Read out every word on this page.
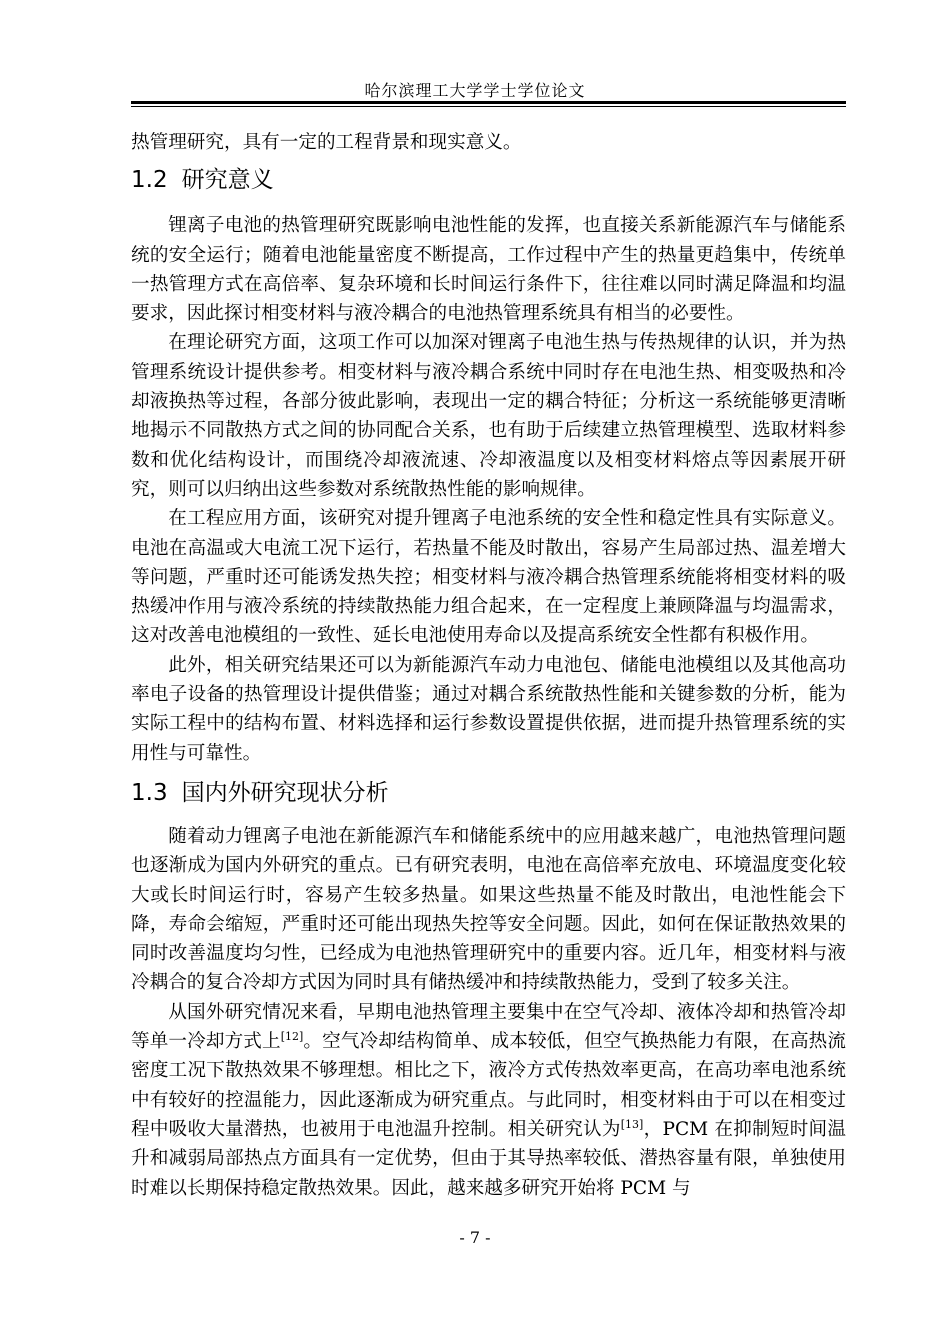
哈尔滨理工大学学士学位论文

热管理研究，具有一定的工程背景和现实意义。

1.2 研究意义

锂离子电池的热管理研究既影响电池性能的发挥，也直接关系新能源汽车与储能系统的安全运行；随着电池能量密度不断提高，工作过程中产生的热量更趋集中，传统单一热管理方式在高倍率、复杂环境和长时间运行条件下，往往难以同时满足降温和均温要求，因此探讨相变材料与液冷耦合的电池热管理系统具有相当的必要性。

在理论研究方面，这项工作可以加深对锂离子电池生热与传热规律的认识，并为热管理系统设计提供参考。相变材料与液冷耦合系统中同时存在电池生热、相变吸热和冷却液换热等过程，各部分彼此影响，表现出一定的耦合特征；分析这一系统能够更清晰地揭示不同散热方式之间的协同配合关系，也有助于后续建立热管理模型、选取材料参数和优化结构设计，而围绕冷却液流速、冷却液温度以及相变材料熔点等因素展开研究，则可以归纳出这些参数对系统散热性能的影响规律。

在工程应用方面，该研究对提升锂离子电池系统的安全性和稳定性具有实际意义。电池在高温或大电流工况下运行，若热量不能及时散出，容易产生局部过热、温差增大等问题，严重时还可能诱发热失控；相变材料与液冷耦合热管理系统能将相变材料的吸热缓冲作用与液冷系统的持续散热能力组合起来，在一定程度上兼顾降温与均温需求，这对改善电池模组的一致性、延长电池使用寿命以及提高系统安全性都有积极作用。

此外，相关研究结果还可以为新能源汽车动力电池包、储能电池模组以及其他高功率电子设备的热管理设计提供借鉴；通过对耦合系统散热性能和关键参数的分析，能为实际工程中的结构布置、材料选择和运行参数设置提供依据，进而提升热管理系统的实用性与可靠性。

1.3 国内外研究现状分析

随着动力锂离子电池在新能源汽车和储能系统中的应用越来越广，电池热管理问题也逐渐成为国内外研究的重点。已有研究表明，电池在高倍率充放电、环境温度变化较大或长时间运行时，容易产生较多热量。如果这些热量不能及时散出，电池性能会下降，寿命会缩短，严重时还可能出现热失控等安全问题。因此，如何在保证散热效果的同时改善温度均匀性，已经成为电池热管理研究中的重要内容。近几年，相变材料与液冷耦合的复合冷却方式因为同时具有储热缓冲和持续散热能力，受到了较多关注。

从国外研究情况来看，早期电池热管理主要集中在空气冷却、液体冷却和热管冷却等单一冷却方式上[12]。空气冷却结构简单、成本较低，但空气换热能力有限，在高热流密度工况下散热效果不够理想。相比之下，液冷方式传热效率更高，在高功率电池系统中有较好的控温能力，因此逐渐成为研究重点。与此同时，相变材料由于可以在相变过程中吸收大量潜热，也被用于电池温升控制。相关研究认为[13]，PCM 在抑制短时间温升和减弱局部热点方面具有一定优势，但由于其导热率较低、潜热容量有限，单独使用时难以长期保持稳定散热效果。因此，越来越多研究开始将 PCM 与

- 7 -
